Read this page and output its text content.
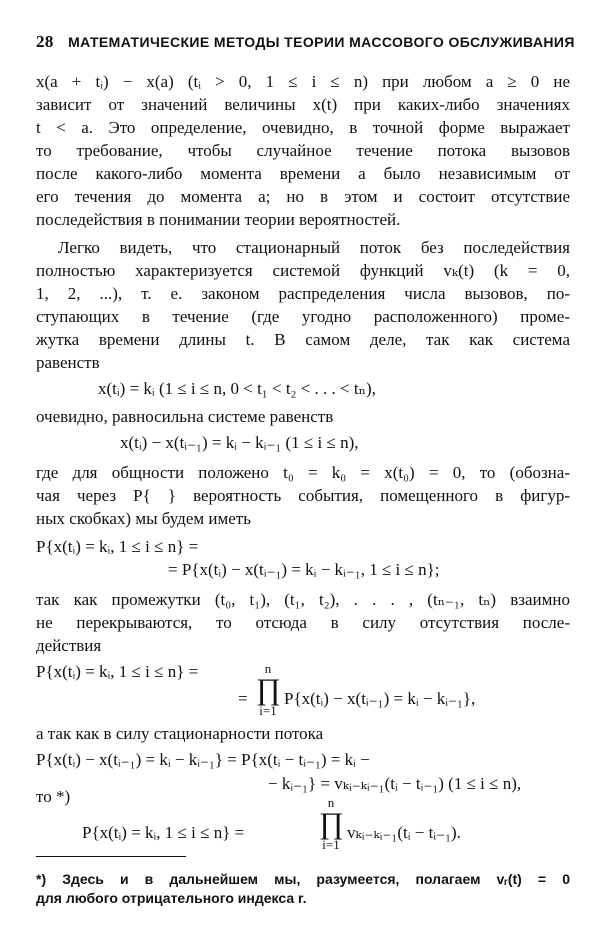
28 МАТЕМАТИЧЕСКИЕ МЕТОДЫ ТЕОРИИ МАССОВОГО ОБСЛУЖИВАНИЯ
x(a + tᵢ) − x(a) (tᵢ > 0, 1 ≤ i ≤ n) при любом a ≥ 0 не
зависит от значений величины x(t) при каких-либо значениях
t < a. Это определение, очевидно, в точной форме выражает
то требование, чтобы случайное течение потока вызовов
после какого-либо момента времени a было независимым от
его течения до момента a; но в этом и состоит отсутствие
последействия в понимании теории вероятностей.
Легко видеть, что стационарный поток без последействия
полностью характеризуется системой функций vₖ(t) (k = 0,
1, 2, ...), т. е. законом распределения числа вызовов, по-
ступающих в течение (где угодно расположенного) проме-
жутка времени длины t. В самом деле, так как система
равенств
x(tᵢ) = kᵢ (1 ≤ i ≤ n, 0 < t₁ < t₂ < . . . < tₙ),
очевидно, равносильна системе равенств
x(tᵢ) − x(tᵢ₋₁) = kᵢ − kᵢ₋₁ (1 ≤ i ≤ n),
где для общности положено t₀ = k₀ = x(t₀) = 0, то (обозна-
чая через P{ } вероятность события, помещенного в фигур-
ных скобках) мы будем иметь
P{x(tᵢ) = kᵢ, 1 ≤ i ≤ n} =
= P{x(tᵢ) − x(tᵢ₋₁) = kᵢ − kᵢ₋₁, 1 ≤ i ≤ n};
так как промежутки (t₀, t₁), (t₁, t₂), . . . , (tₙ₋₁, tₙ) взаимно
не перекрываются, то отсюда в силу отсутствия после-
действия
P{x(tᵢ) = kᵢ, 1 ≤ i ≤ n} =
=
n
∏
i=1
P{x(tᵢ) − x(tᵢ₋₁) = kᵢ − kᵢ₋₁},
а так как в силу стационарности потока
P{x(tᵢ) − x(tᵢ₋₁) = kᵢ − kᵢ₋₁} = P{x(tᵢ − tᵢ₋₁) = kᵢ −
− kᵢ₋₁} = vₖᵢ₋ₖᵢ₋₁(tᵢ − tᵢ₋₁) (1 ≤ i ≤ n),
то *)
P{x(tᵢ) = kᵢ, 1 ≤ i ≤ n} =
n
∏
i=1
vₖᵢ₋ₖᵢ₋₁(tᵢ − tᵢ₋₁).
*) Здесь и в дальнейшем мы, разумеется, полагаем vᵣ(t) = 0
для любого отрицательного индекса r.
